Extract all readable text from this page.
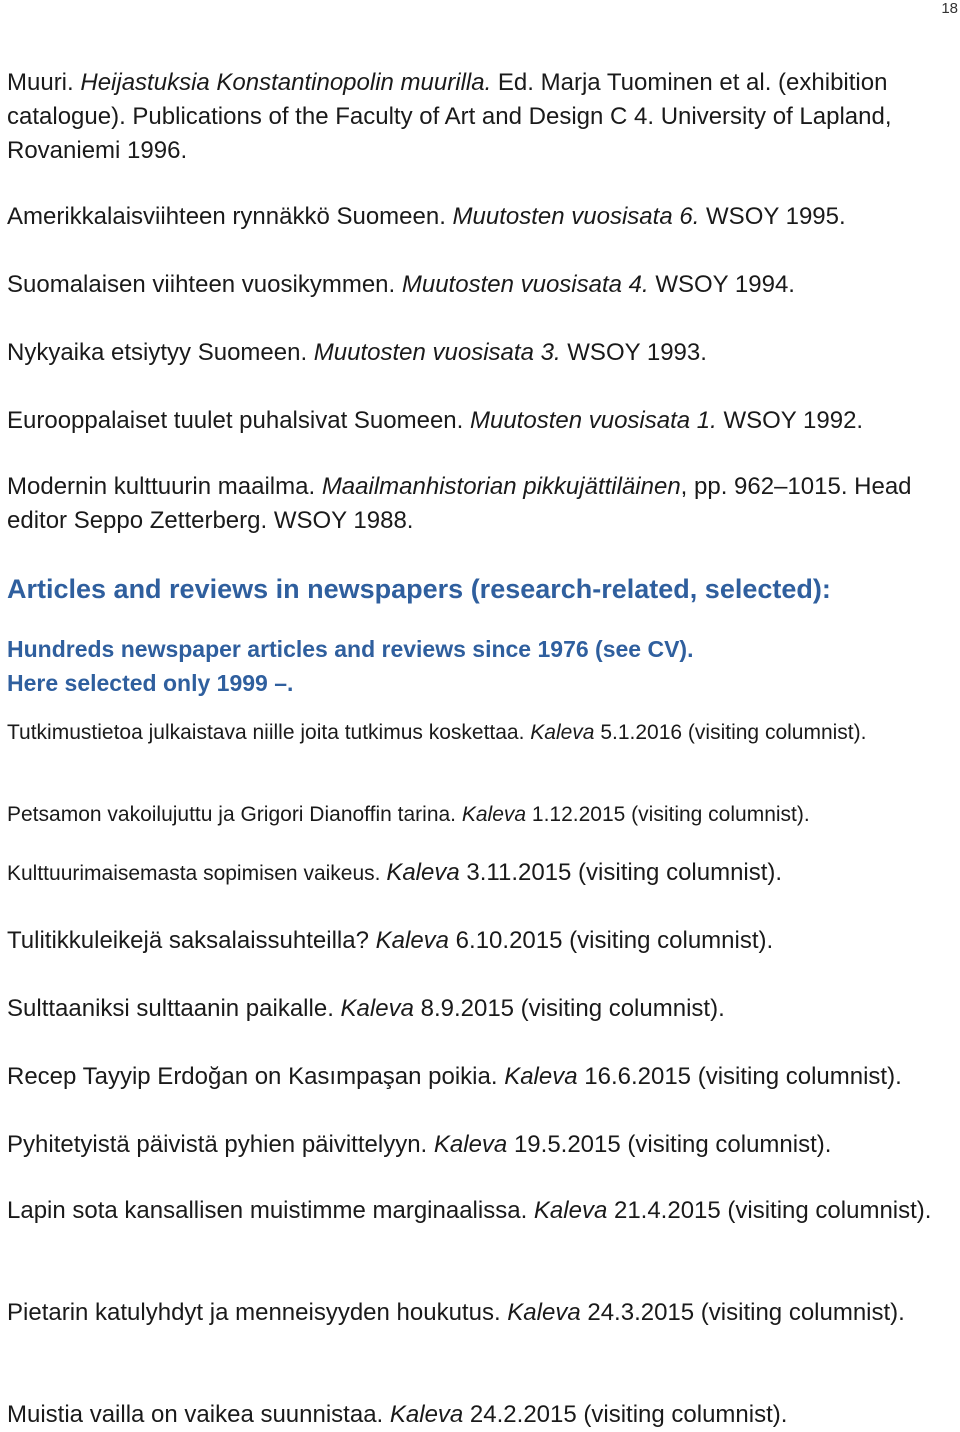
18

Muuri. Heijastuksia Konstantinopolin muurilla. Ed. Marja Tuominen et al. (exhibition catalogue). Publications of the Faculty of Art and Design C 4. University of Lapland, Rovaniemi 1996.

Amerikkalaisviihteen rynnäkkö Suomeen. Muutosten vuosisata 6. WSOY 1995.

Suomalaisen viihteen vuosikymmen. Muutosten vuosisata 4. WSOY 1994.

Nykyaika etsiytyy Suomeen. Muutosten vuosisata 3. WSOY 1993.

Eurooppalaiset tuulet puhalsivat Suomeen. Muutosten vuosisata 1. WSOY 1992.

Modernin kulttuurin maailma. Maailmanhistorian pikkujättiläinen, pp. 962–1015. Head editor Seppo Zetterberg. WSOY 1988.

Articles and reviews in newspapers (research-related, selected):

Hundreds newspaper articles and reviews since 1976 (see CV).

Here selected only 1999 –.

Tutkimustietoa julkaistava niille joita tutkimus koskettaa. Kaleva 5.1.2016 (visiting columnist).

Petsamon vakoilujuttu ja Grigori Dianoffin tarina. Kaleva 1.12.2015 (visiting columnist).

Kulttuurimaisemasta sopimisen vaikeus. Kaleva 3.11.2015 (visiting columnist).

Tulitikkuleikejä saksalaissuhteilla? Kaleva 6.10.2015 (visiting columnist).

Sulttaaniksi sulttaanin paikalle. Kaleva 8.9.2015 (visiting columnist).

Recep Tayyip Erdoğan on Kasımpaşan poikia. Kaleva 16.6.2015 (visiting columnist).

Pyhitetyistä päivistä pyhien päivittelyyn. Kaleva 19.5.2015 (visiting columnist).

Lapin sota kansallisen muistimme marginaalissa. Kaleva 21.4.2015 (visiting columnist).

Pietarin katulyhdyt ja menneisyyden houkutus. Kaleva 24.3.2015 (visiting columnist).

Muistia vailla on vaikea suunnistaa. Kaleva 24.2.2015 (visiting columnist).
